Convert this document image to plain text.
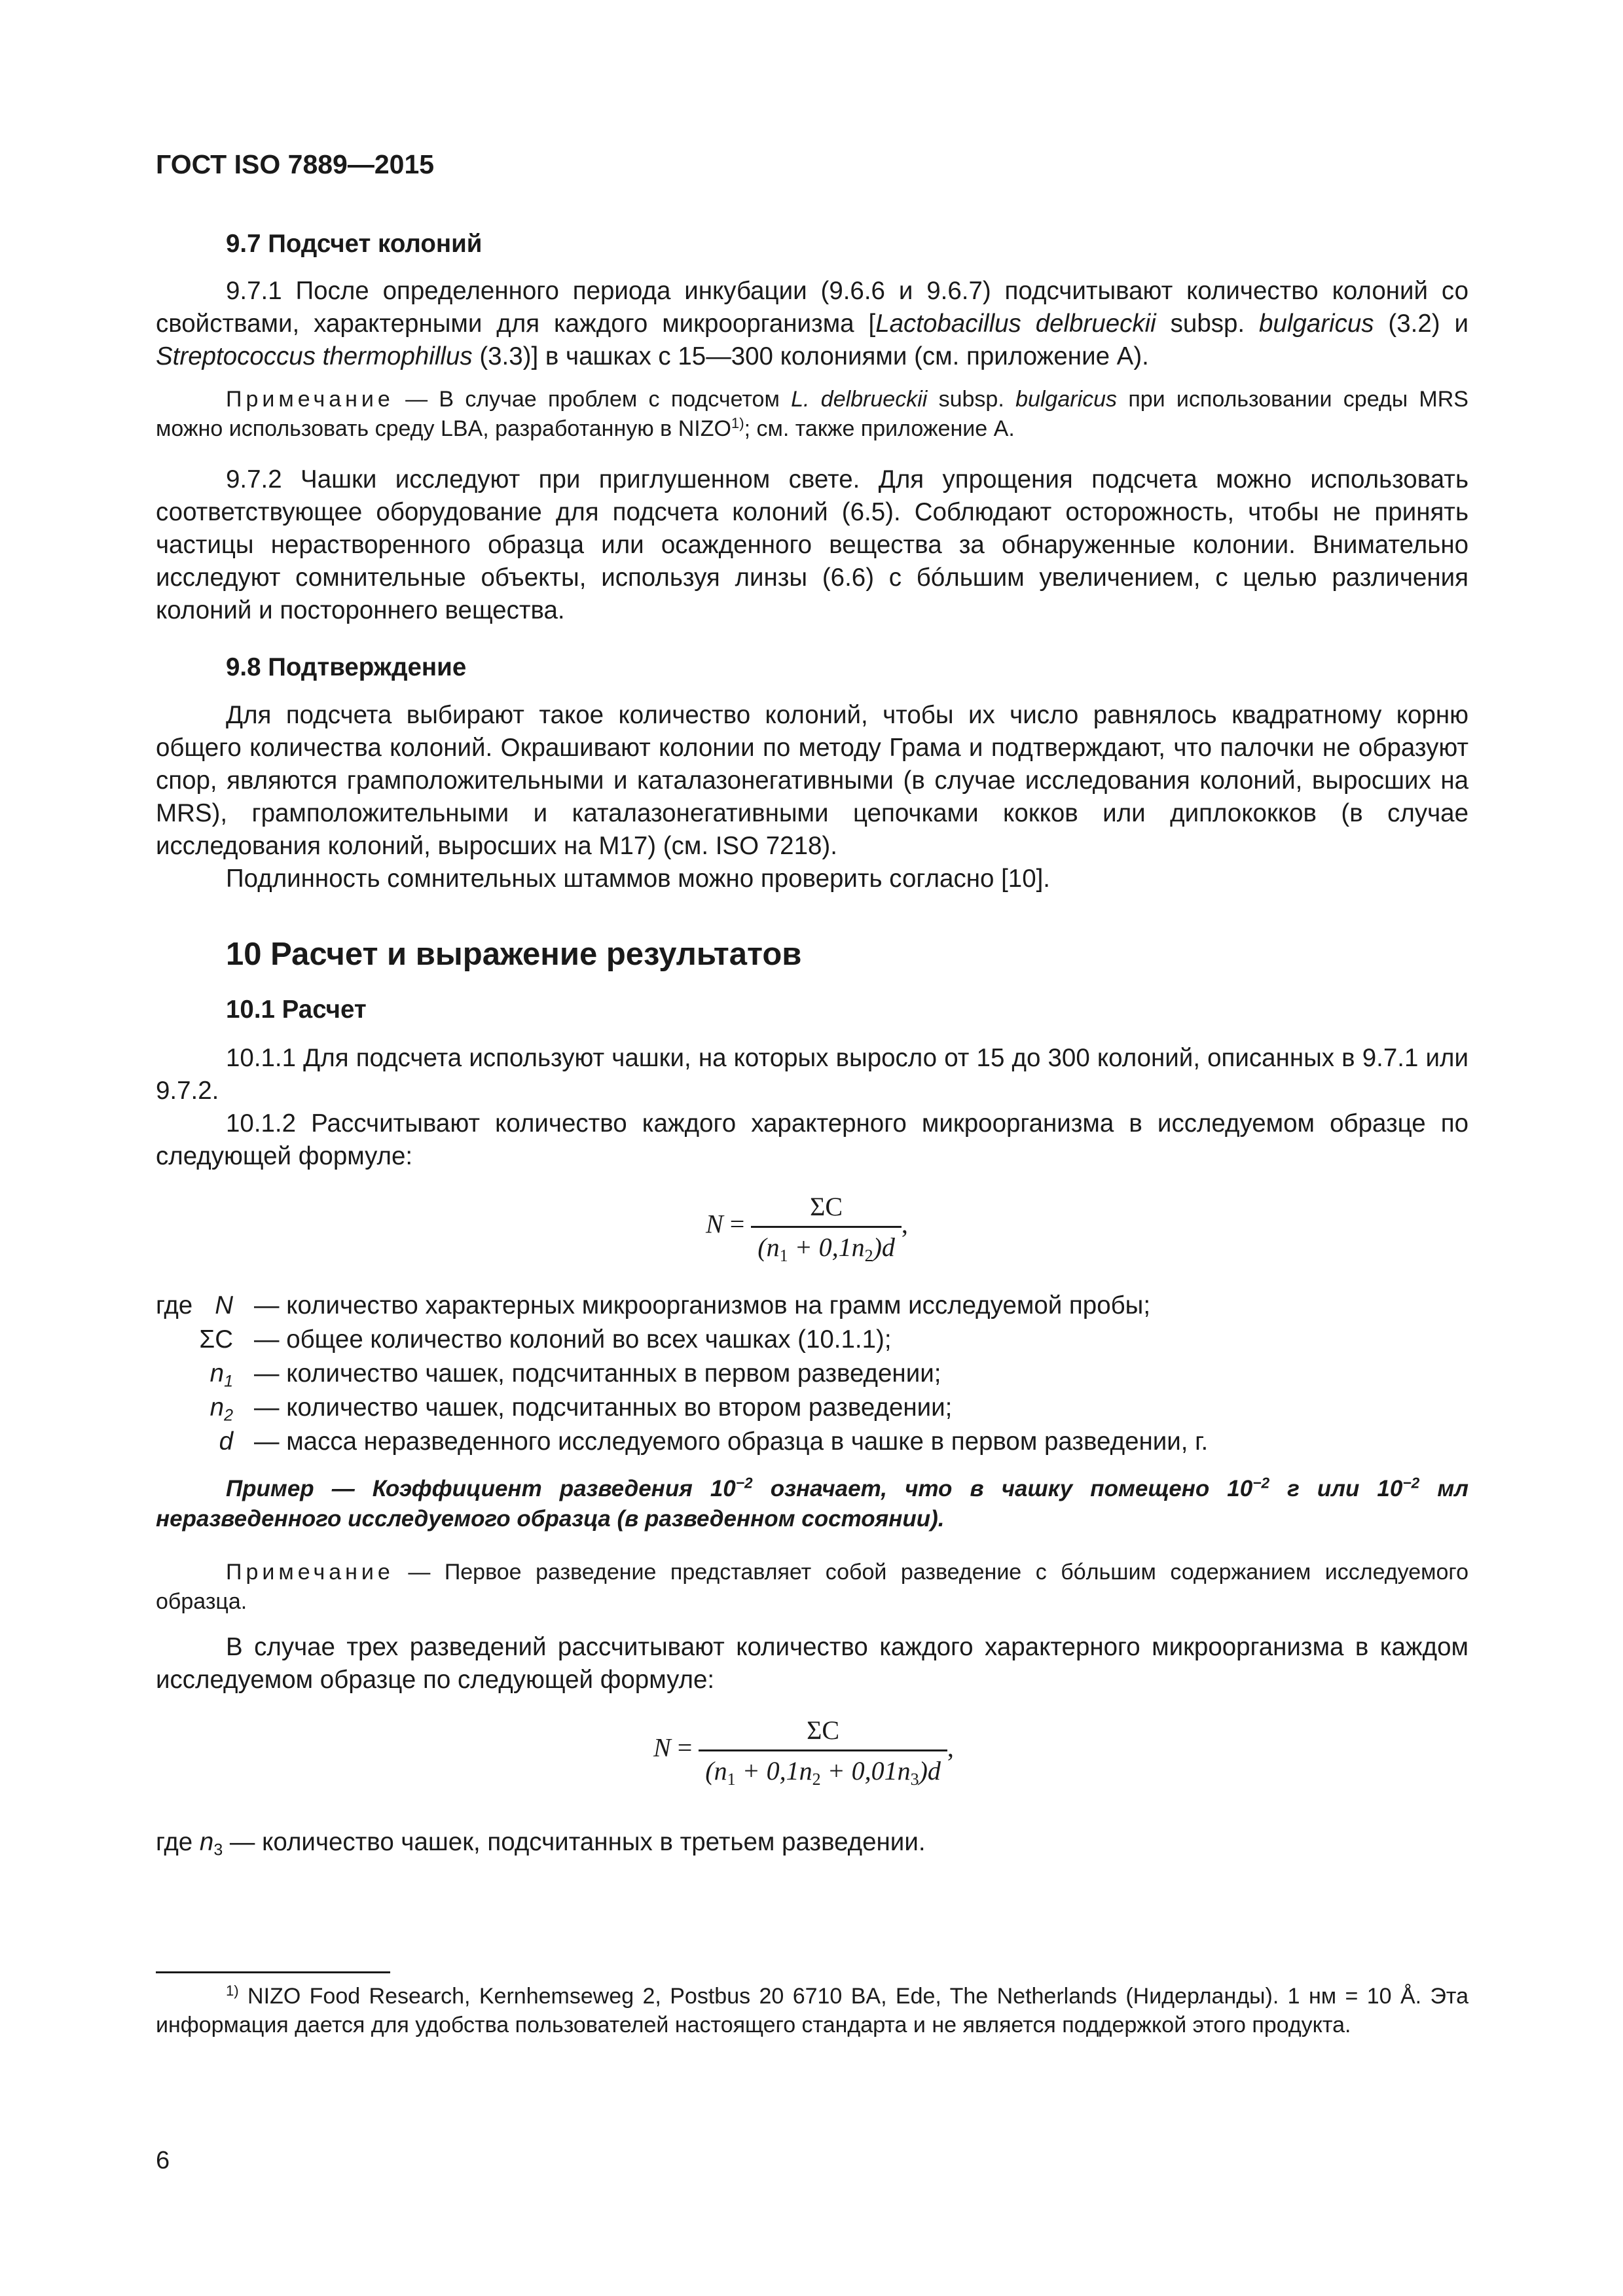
ГОСТ ISO 7889—2015
9.7 Подсчет колоний

9.7.1 После определенного периода инкубации (9.6.6 и 9.6.7) подсчитывают количество колоний со свойствами, характерными для каждого микроорганизма [Lactobacillus delbrueckii subsp. bulgaricus (3.2) и Streptococcus thermophillus (3.3)] в чашках с 15—300 колониями (см. приложение А).

Примечание — В случае проблем с подсчетом L. delbrueckii subsp. bulgaricus при использовании среды MRS можно использовать среду LBA, разработанную в NIZO$^{1)}$; см. также приложение А.

9.7.2 Чашки исследуют при приглушенном свете. Для упрощения подсчета можно использовать соответствующее оборудование для подсчета колоний (6.5). Соблюдают осторожность, чтобы не принять частицы нерастворенного образца или осажденного вещества за обнаруженные колонии. Внимательно исследуют сомнительные объекты, используя линзы (6.6) с бóльшим увеличением, с целью различения колоний и постороннего вещества.

9.8 Подтверждение

Для подсчета выбирают такое количество колоний, чтобы их число равнялось квадратному корню общего количества колоний. Окрашивают колонии по методу Грама и подтверждают, что палочки не образуют спор, являются грамположительными и каталазонегативными (в случае исследования колоний, выросших на MRS), грамположительными и каталазонегативными цепочками кокков или диплококков (в случае исследования колоний, выросших на М17) (см. ISO 7218).

Подлинность сомнительных штаммов можно проверить согласно [10].

10 Расчет и выражение результатов
10.1 Расчет

10.1.1 Для подсчета используют чашки, на которых выросло от 15 до 300 колоний, описанных в 9.7.1 или 9.7.2.

10.1.2 Рассчитывают количество каждого характерного микроорганизма в исследуемом образце по следующей формуле:

$N = \frac{\Sigma C}{(n_1 + 0,1n_2)d}$ ,
где N — количество характерных микроорганизмов на грамм исследуемой пробы;
ΣC — общее количество колоний во всех чашках (10.1.1);
$n_1$ — количество чашек, подсчитанных в первом разведении;
$n_2$ — количество чашек, подсчитанных во втором разведении;
d — масса неразведенного исследуемого образца в чашке в первом разведении, г.

Пример — Коэффициент разведения $10^{-2}$ означает, что в чашку помещено $10^{-2}$ г или $10^{-2}$ мл неразведенного исследуемого образца (в разведенном состоянии).

Примечание — Первое разведение представляет собой разведение с бóльшим содержанием исследуемого образца.

В случае трех разведений рассчитывают количество каждого характерного микроорганизма в каждом исследуемом образце по следующей формуле:

$N = \frac{\Sigma C}{(n_1 + 0,1n_2 + 0,01n_3)d}$ ,

где $n_3$ — количество чашек, подсчитанных в третьем разведении.

$^{1)}$ NIZO Food Research, Kernhemseweg 2, Postbus 20 6710 BA, Ede, The Netherlands (Нидерланды). 1 нм = 10 Å. Эта информация дается для удобства пользователей настоящего стандарта и не является поддержкой этого продукта.

6
